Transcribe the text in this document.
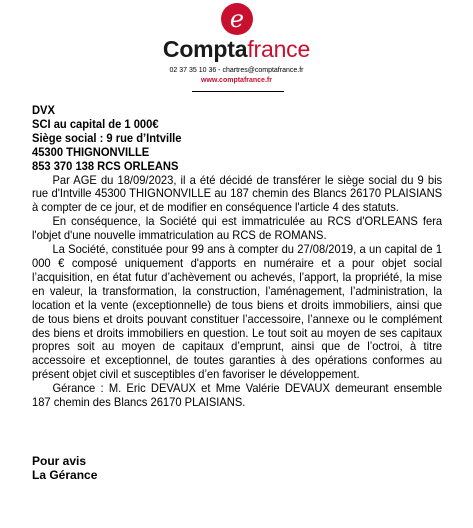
e
Comptafrance
02 37 35 10 36 - chartres@comptafrance.fr
www.comptafrance.fr
DVX
SCI au capital de 1 000€
Siège social : 9 rue d’Intville
45300 THIGNONVILLE
853 370 138 RCS ORLEANS

Par AGE du 18/09/2023, il a été décidé de transférer le siège social du 9 bis rue d'Intville 45300 THIGNONVILLE au 187 chemin des Blancs 26170 PLAISIANS à compter de ce jour, et de modifier en conséquence l'article 4 des statuts.

En conséquence, la Société qui est immatriculée au RCS d'ORLEANS fera l'objet d'une nouvelle immatriculation au RCS de ROMANS.

La Société, constituée pour 99 ans à compter du 27/08/2019, a un capital de 1 000 € composé uniquement d'apports en numéraire et a pour objet social l’acquisition, en état futur d’achèvement ou achevés, l’apport, la propriété, la mise en valeur, la transformation, la construction, l’aménagement, l’administration, la location et la vente (exceptionnelle) de tous biens et droits immobiliers, ainsi que de tous biens et droits pouvant constituer l’accessoire, l’annexe ou le complément des biens et droits immobiliers en question. Le tout soit au moyen de ses capitaux propres soit au moyen de capitaux d’emprunt, ainsi que de l’octroi, à titre accessoire et exceptionnel, de toutes garanties à des opérations conformes au présent objet civil et susceptibles d’en favoriser le développement.

Gérance : M. Eric DEVAUX et Mme Valérie DEVAUX demeurant ensemble 187 chemin des Blancs 26170 PLAISIANS.

Pour avis
La Gérance
